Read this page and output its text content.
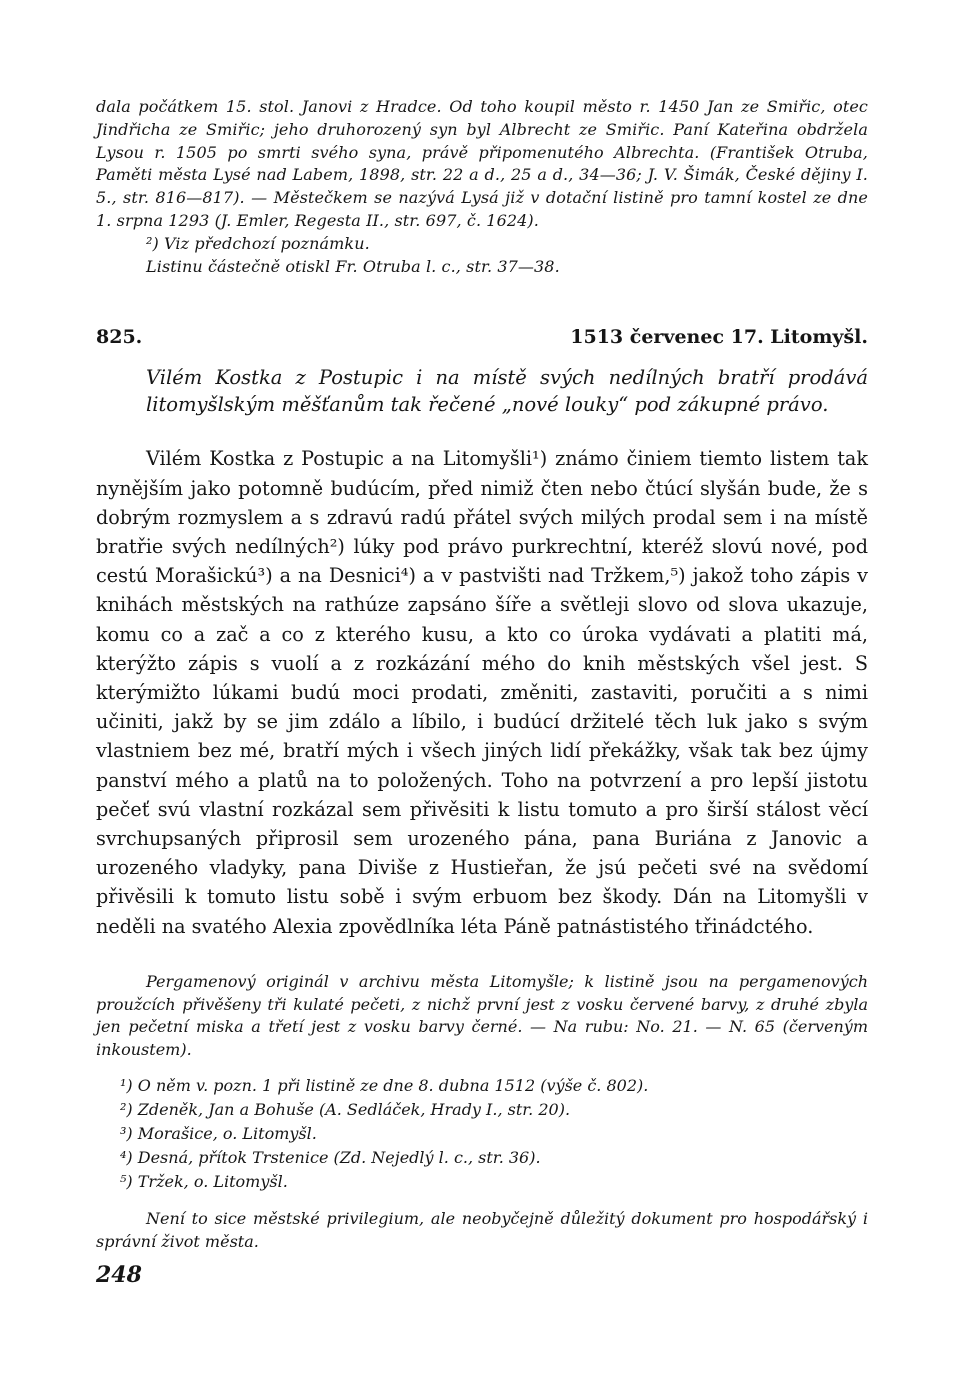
dala počátkem 15. stol. Janovi z Hradce. Od toho koupil město r. 1450 Jan ze Smiřic, otec Jindřicha ze Smiřic; jeho druhorozený syn byl Albrecht ze Smiřic. Paní Kateřina obdržela Lysou r. 1505 po smrti svého syna, právě připomenutého Albrechta. (František Otruba, Paměti města Lysé nad Labem, 1898, str. 22 a d., 25 a d., 34—36; J. V. Šimák, České dějiny I. 5., str. 816—817). — Městečkem se nazývá Lysá již v dotační listině pro tamní kostel ze dne 1. srpna 1293 (J. Emler, Regesta II., str. 697, č. 1624).

²) Viz předchozí poznámku.

Listinu částečně otiskl Fr. Otruba l. c., str. 37—38.

825.	1513 červenec 17. Litomyšl.

Vilém Kostka z Postupic i na místě svých nedílných bratří prodává litomyšlským měšťanům tak řečené „nové louky“ pod zákupné právo.

Vilém Kostka z Postupic a na Litomyšli¹) známo činiem tiemto listem tak nynějším jako potomně budúcím, před nimiž čten nebo čtúcí slyšán bude, že s dobrým rozmyslem a s zdravú radú přátel svých milých prodal sem i na místě bratřie svých nedílných²) lúky pod právo purkrechtní, kteréž slovú nové, pod cestú Morašickú³) a na Desnici⁴) a v pastvišti nad Tržkem,⁵) jakož toho zápis v knihách městských na rathúze zapsáno šíře a světleji slovo od slova ukazuje, komu co a zač a co z kterého kusu, a kto co úroka vydávati a platiti má, kterýžto zápis s vuolí a z rozkázání mého do knih městských všel jest. S kterýmižto lúkami budú moci prodati, změniti, zastaviti, poručiti a s nimi učiniti, jakž by se jim zdálo a líbilo, i budúcí držitelé těch luk jako s svým vlastniem bez mé, bratří mých i všech jiných lidí překážky, však tak bez újmy panství mého a platů na to položených. Toho na potvrzení a pro lepší jistotu pečeť svú vlastní rozkázal sem přivěsiti k listu tomuto a pro širší stálost věcí svrchupsaných připrosil sem urozeného pána, pana Buriána z Janovic a urozeného vladyky, pana Diviše z Hustieřan, že jsú pečeti své na svědomí přivěsili k tomuto listu sobě i svým erbuom bez škody. Dán na Litomyšli v neděli na svatého Alexia zpovědlníka léta Páně patnástistého třinádctého.

Pergamenový originál v archivu města Litomyšle; k listině jsou na pergamenových proužcích přivěšeny tři kulaté pečeti, z nichž první jest z vosku červené barvy, z druhé zbyla jen pečetní miska a třetí jest z vosku barvy černé. — Na rubu: No. 21. — N. 65 (červeným inkoustem).

¹) O něm v. pozn. 1 při listině ze dne 8. dubna 1512 (výše č. 802).
²) Zdeněk, Jan a Bohuše (A. Sedláček, Hrady I., str. 20).
³) Morašice, o. Litomyšl.
⁴) Desná, přítok Trstenice (Zd. Nejedlý l. c., str. 36).
⁵) Tržek, o. Litomyšl.

Není to sice městské privilegium, ale neobyčejně důležitý dokument pro hospodářský i správní život města.

248
